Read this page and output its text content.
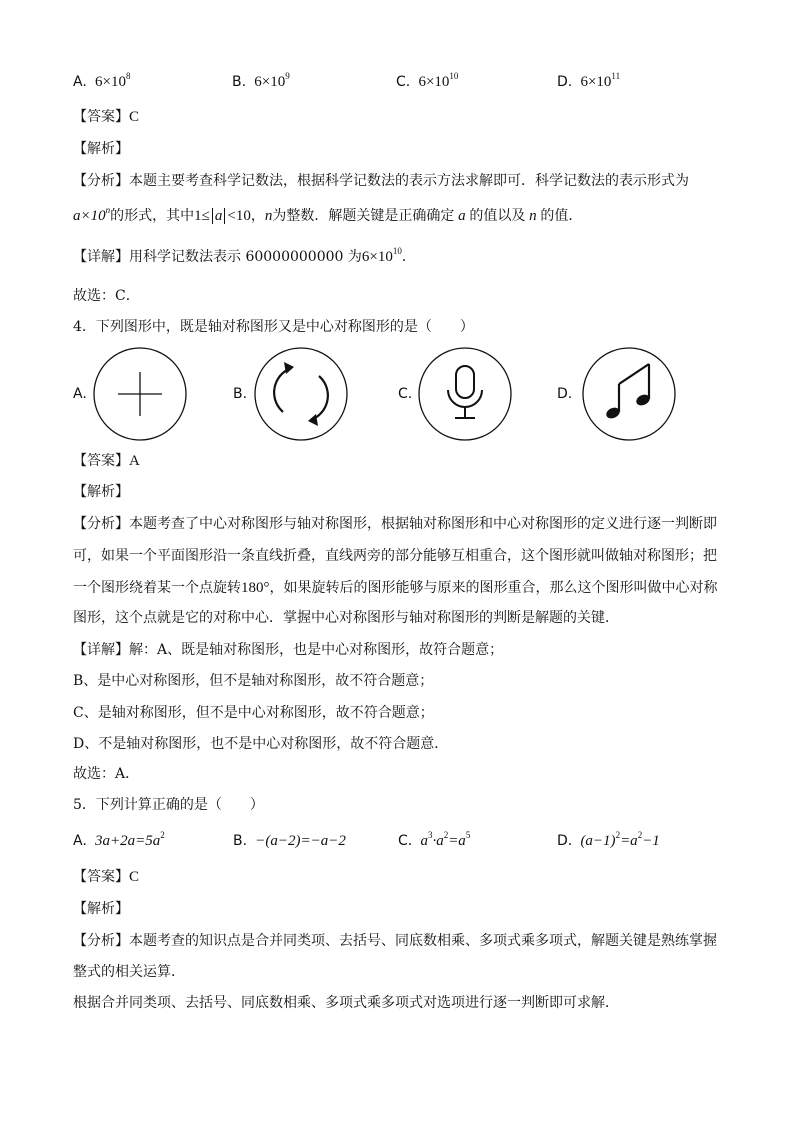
A. $6\times 10^8$	B. $6\times 10^9$	C. $6\times 10^{10}$	D. $6\times 10^{11}$
【答案】C
【解析】
【分析】本题主要考查科学记数法，根据科学记数法的表示方法求解即可．科学记数法的表示形式为
$a\times 10^n$的形式，其中1≤ a <10，n为整数．解题关键是正确确定 a 的值以及 n 的值．
【详解】用科学记数法表示 60000000000 为$6\times 10^{10}$．
故选：C．
4．下列图形中，既是轴对称图形又是中心对称图形的是（　　）
A.	B.	C.	D.
【答案】A
【解析】
【分析】本题考查了中心对称图形与轴对称图形，根据轴对称图形和中心对称图形的定义进行逐一判断即
可，如果一个平面图形沿一条直线折叠，直线两旁的部分能够互相重合，这个图形就叫做轴对称图形；把
一个图形绕着某一个点旋转180°，如果旋转后的图形能够与原来的图形重合，那么这个图形叫做中心对称
图形，这个点就是它的对称中心．掌握中心对称图形与轴对称图形的判断是解题的关键．
【详解】解：A、既是轴对称图形，也是中心对称图形，故符合题意；
B、是中心对称图形，但不是轴对称图形，故不符合题意；
C、是轴对称图形，但不是中心对称图形，故不符合题意；
D、不是轴对称图形，也不是中心对称图形，故不符合题意．
故选：A．
5．下列计算正确的是（　　）
A. $3a+2a=5a^2$	B. −(a−2)=−a−2	C. $a^3\cdot a^2=a^5$	D. $(a-1)^2=a^2-1$
【答案】C
【解析】
【分析】本题考查的知识点是合并同类项、去括号、同底数相乘、多项式乘多项式，解题关键是熟练掌握
整式的相关运算．
根据合并同类项、去括号、同底数相乘、多项式乘多项式对选项进行逐一判断即可求解．
